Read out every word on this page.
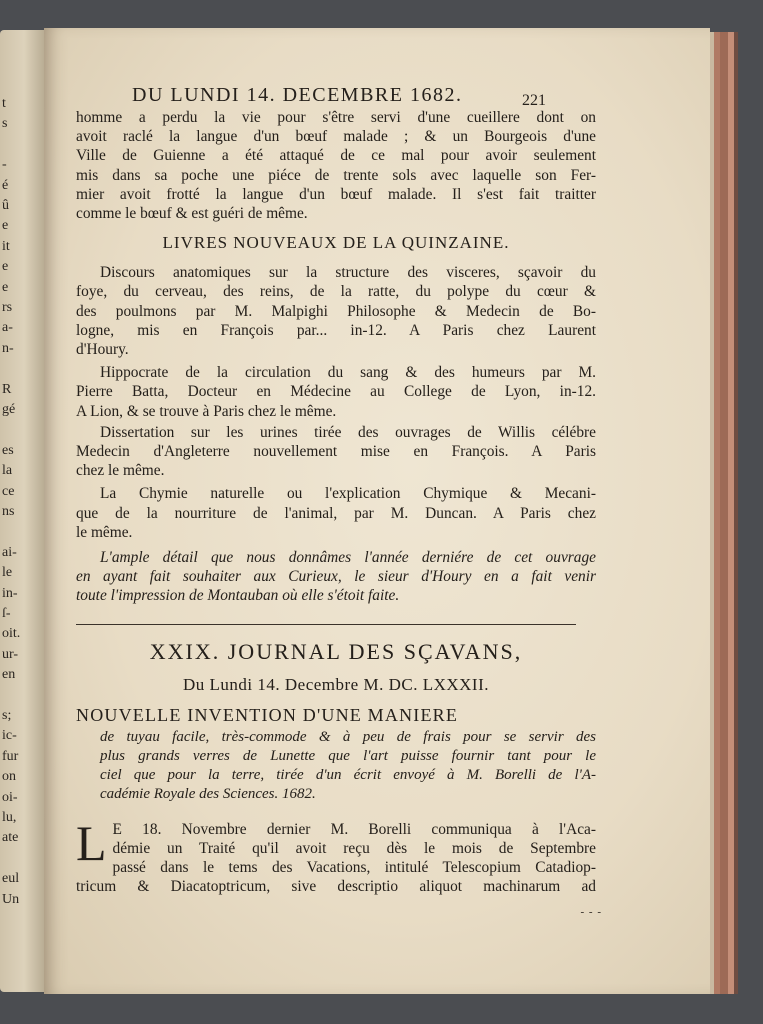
t
s
-
é
û
e
it
e
e
rs
a-
n-
R
gé
es
la
ce
ns
ai-
le
in-
ſ-
oit.
ur-
en
s;
ic-
fur
on
oi-
lu,
ate
eul
Un
DU LUNDI 14. DECEMBRE 1682.	221

homme a perdu la vie pour s'être servi d'une cueillere dont on
avoit raclé la langue d'un bœuf malade ; & un Bourgeois d'une
Ville de Guienne a été attaqué de ce mal pour avoir seulement
mis dans sa poche une piéce de trente sols avec laquelle son Fer-
mier avoit frotté la langue d'un bœuf malade. Il s'est fait traitter
comme le bœuf & est guéri de même.

LIVRES NOUVEAUX DE LA QUINZAINE.

Discours anatomiques sur la structure des visceres, sçavoir du
foye, du cerveau, des reins, de la ratte, du polype du cœur &
des poulmons par M. Malpighi Philosophe & Medecin de Bo-
logne, mis en François par... in-12. A Paris chez Laurent
d'Houry.

Hippocrate de la circulation du sang & des humeurs par M.
Pierre Batta, Docteur en Médecine au College de Lyon, in-12.
A Lion, & se trouve à Paris chez le même.

Dissertation sur les urines tirée des ouvrages de Willis célébre
Medecin d'Angleterre nouvellement mise en François. A Paris
chez le même.

La Chymie naturelle ou l'explication Chymique & Mecani-
que de la nourriture de l'animal, par M. Duncan. A Paris chez
le même.

L'ample détail que nous donnâmes l'année derniére de cet ouvrage
en ayant fait souhaiter aux Curieux, le sieur d'Houry en a fait venir
toute l'impression de Montauban où elle s'étoit faite.

XXIX. JOURNAL DES SÇAVANS,
Du Lundi 14. Decembre M. DC. LXXXII.
NOUVELLE INVENTION D'UNE MANIERE

de tuyau facile, très-commode & à peu de frais pour se servir des
plus grands verres de Lunette que l'art puisse fournir tant pour le
ciel que pour la terre, tirée d'un écrit envoyé à M. Borelli de l'A-
cadémie Royale des Sciences. 1682.

L E 18. Novembre dernier M. Borelli communiqua à l'Aca-
démie un Traité qu'il avoit reçu dès le mois de Septembre
passé dans le tems des Vacations, intitulé Telescopium Catadiop-
tricum & Diacatoptricum, sive descriptio aliquot machinarum ad
- - -
